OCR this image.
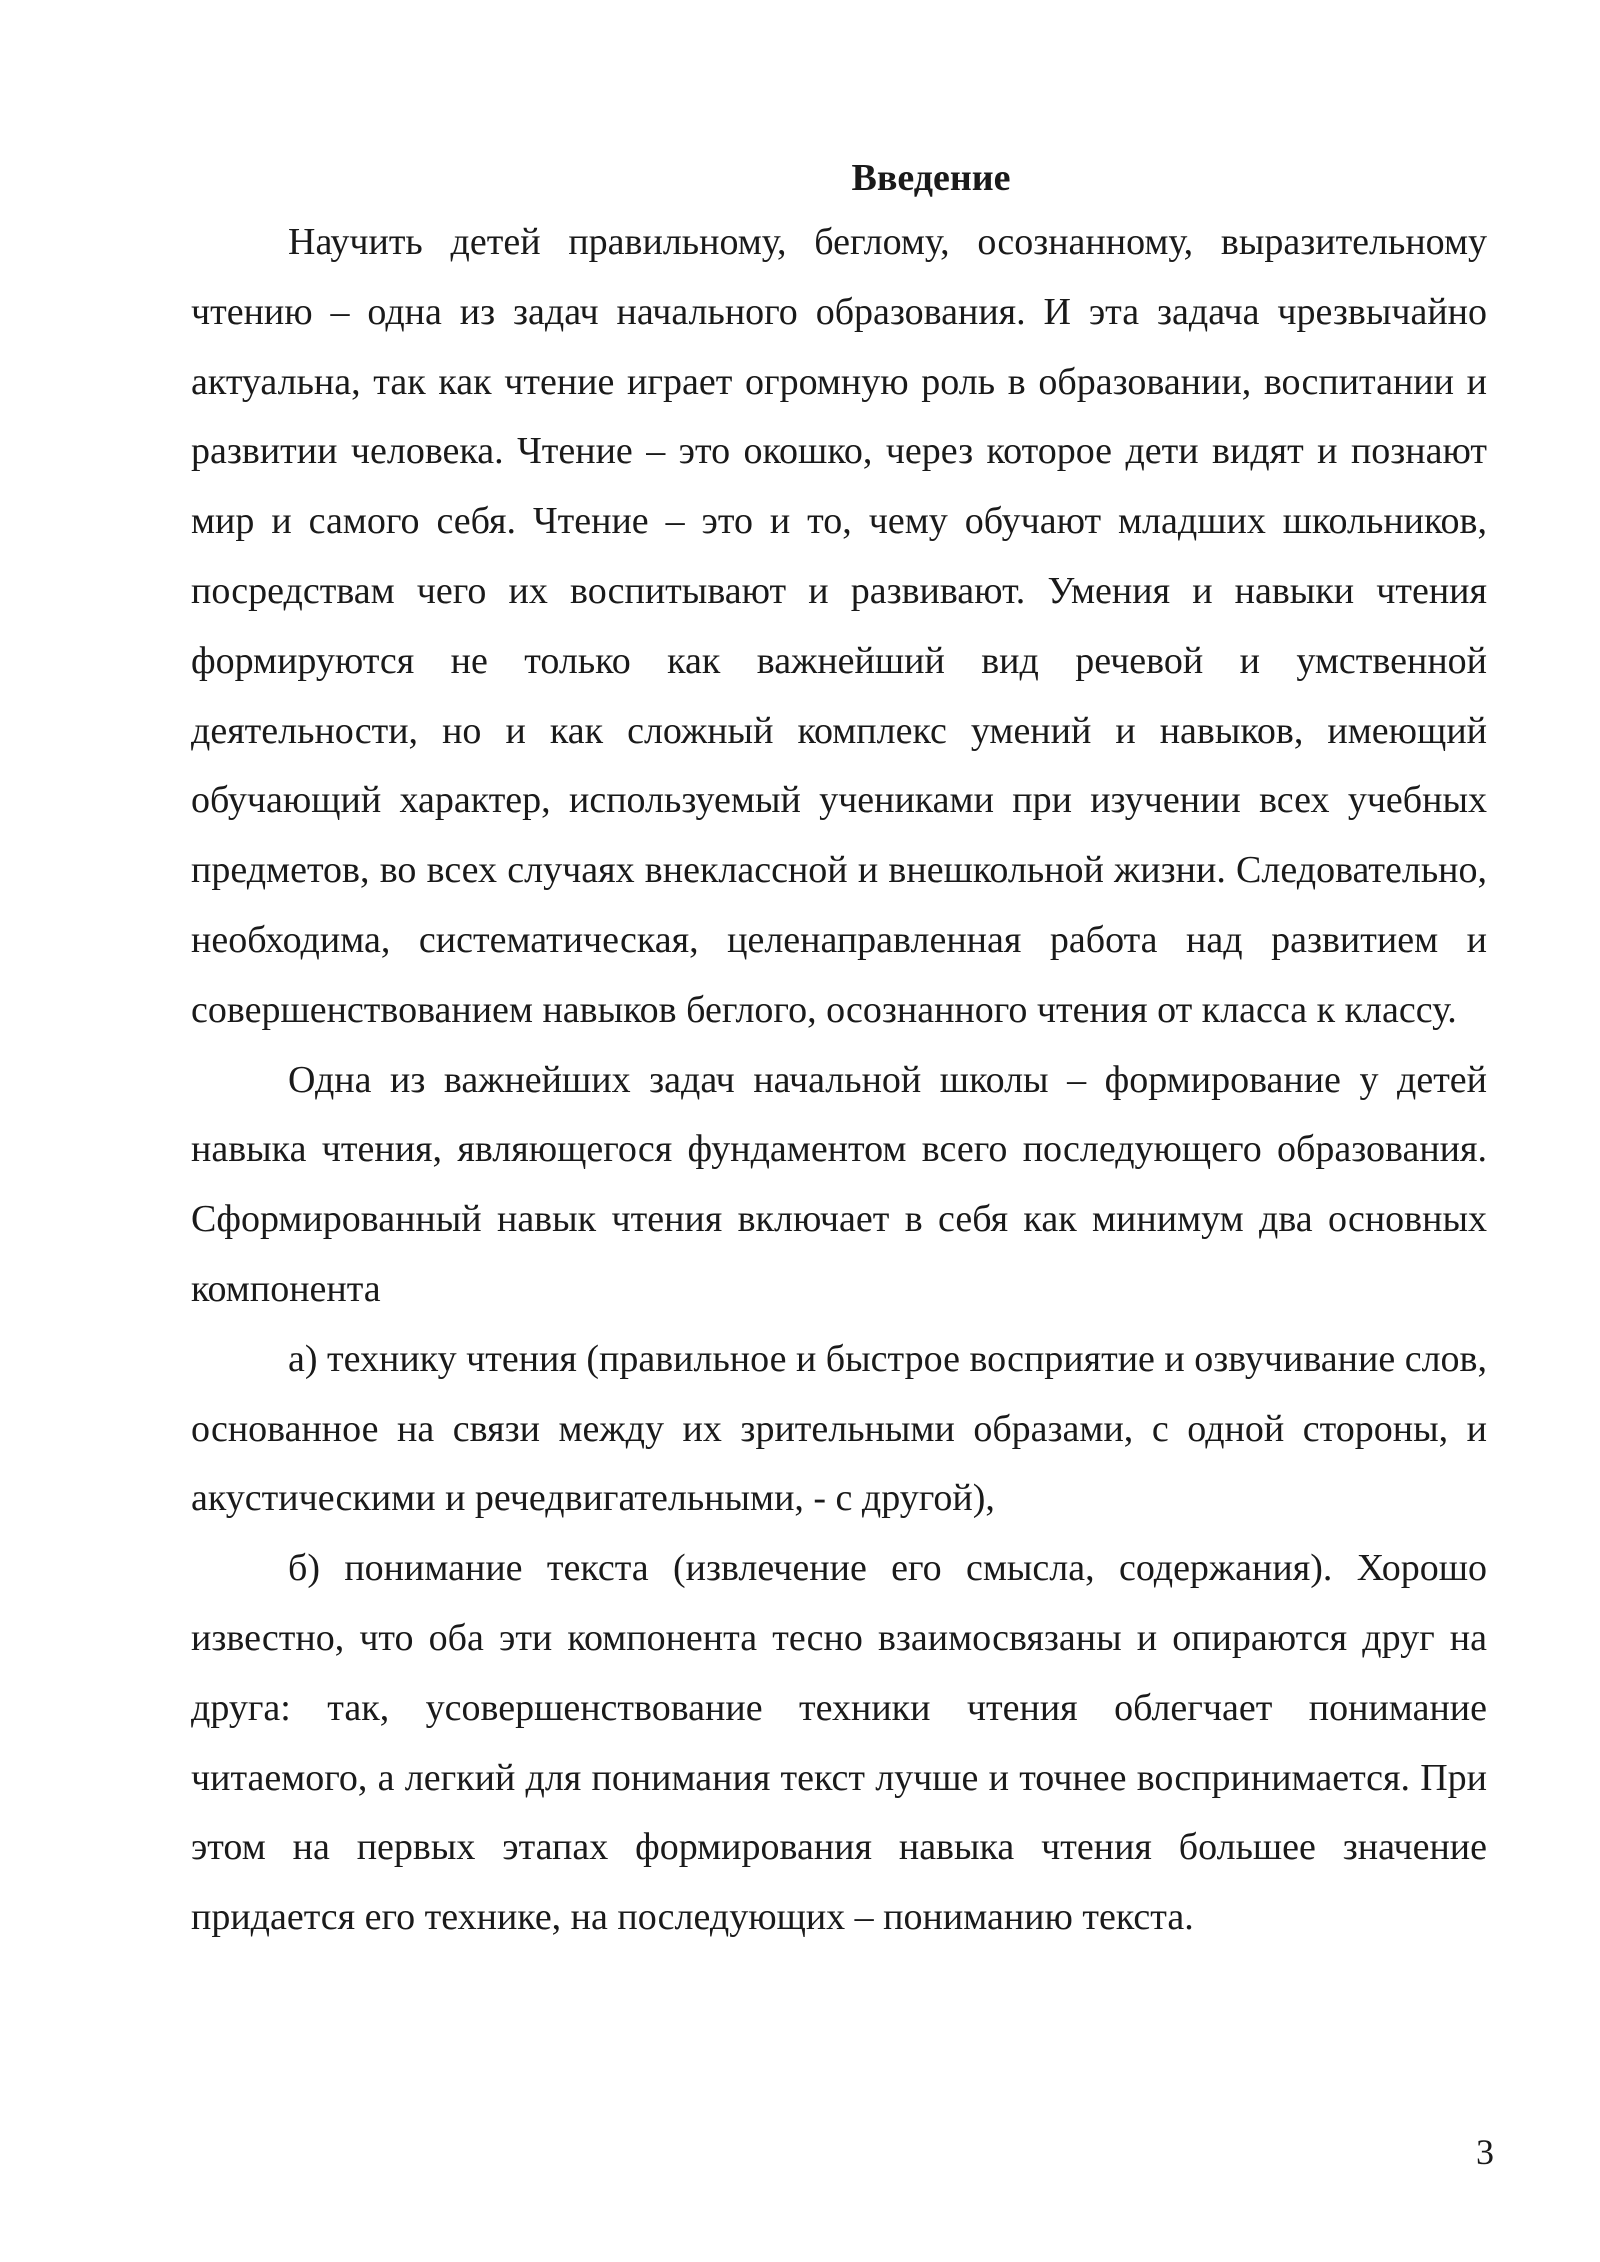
Введение

Научить детей правильному, беглому, осознанному, выразительному чтению – одна из задач начального образования. И эта задача чрезвычайно актуальна, так как чтение играет огромную роль в образовании, воспитании и развитии человека. Чтение – это окошко, через которое дети видят и познают мир и самого себя. Чтение – это и то, чему обучают младших школьников, посредствам чего их воспитывают и развивают. Умения и навыки чтения формируются не только как важнейший вид речевой и умственной деятельности, но и как сложный комплекс умений и навыков, имеющий обучающий характер, используемый учениками при изучении всех учебных предметов, во всех случаях внеклассной и внешкольной жизни. Следовательно, необходима, систематическая, целенаправленная работа над развитием и совершенствованием навыков беглого, осознанного чтения от класса к классу.

Одна из важнейших задач начальной школы – формирование у детей навыка чтения, являющегося фундаментом всего последующего образования. Сформированный навык чтения включает в себя как минимум два основных компонента

а) технику чтения (правильное и быстрое восприятие и озвучивание слов, основанное на связи между их зрительными образами, с одной стороны, и акустическими и речедвигательными, - с другой),

б) понимание текста (извлечение его смысла, содержания). Хорошо известно, что оба эти компонента тесно взаимосвязаны и опираются друг на друга: так, усовершенствование техники чтения облегчает понимание читаемого, а легкий для понимания текст лучше и точнее воспринимается. При этом на первых этапах формирования навыка чтения большее значение придается его технике, на последующих – пониманию текста.

3
